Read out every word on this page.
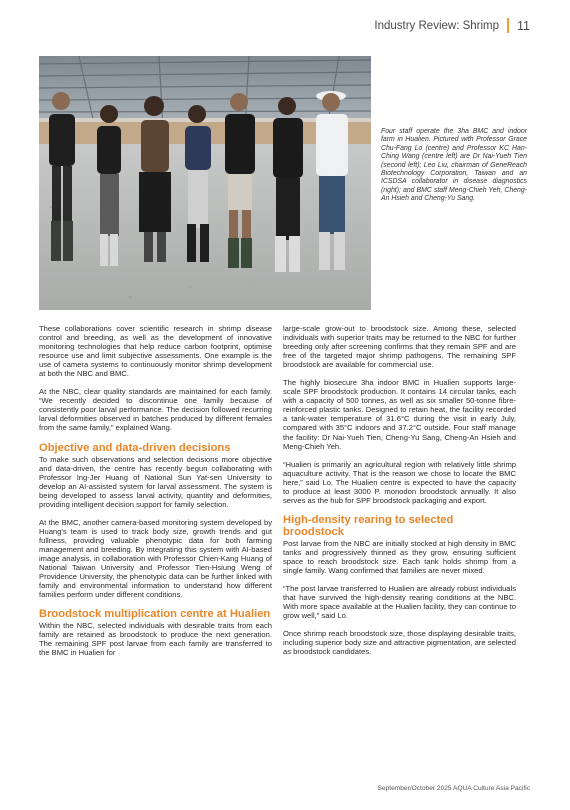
Industry Review: Shrimp 11
Four staff operate the 3ha BMC and indoor farm in Hualien. Pictured with Professor Grace Chu-Fang Lo (centre) and Professor KC Han-Ching Wang (centre left) are Dr Nai-Yueh Tien (second left); Leo Liu, chairman of GeneReach Biotechnology Corporation, Taiwan and an ICSDSA collaborator in disease diagnostics (right); and BMC staff Meng-Chieh Yeh, Cheng-An Hsieh and Cheng-Yu Sang.

These collaborations cover scientific research in shrimp disease control and breeding, as well as the development of innovative monitoring technologies that help reduce carbon footprint, optimise resource use and limit subjective assessments. One example is the use of camera systems to continuously monitor shrimp development at both the NBC and BMC.

At the NBC, clear quality standards are maintained for each family. “We recently decided to discontinue one family because of consistently poor larval performance. The decision followed recurring larval deformities observed in batches produced by different females from the same family,” explained Wang.

Objective and data-driven decisions

To make such observations and selection decisions more objective and data-driven, the centre has recently begun collaborating with Professor Ing-Jer Huang of National Sun Yat-sen University to develop an AI-assisted system for larval assessment. The system is being developed to assess larval activity, quantity and deformities, providing intelligent decision support for family selection.

At the BMC, another camera-based monitoring system developed by Huang's team is used to track body size, growth trends and gut fullness, providing valuable phenotypic data for both farming management and breeding. By integrating this system with AI-based image analysis, in collaboration with Professor Chien-Kang Huang of National Taiwan University and Professor Tien-Hsiung Weng of Providence University, the phenotypic data can be further linked with family and environmental information to understand how different families perform under different conditions.

Broodstock multiplication centre at Hualien

Within the NBC, selected individuals with desirable traits from each family are retained as broodstock to produce the next generation. The remaining SPF post larvae from each family are transferred to the BMC in Hualien for

large-scale grow-out to broodstock size. Among these, selected individuals with superior traits may be returned to the NBC for further breeding only after screening confirms that they remain SPF and are free of the targeted major shrimp pathogens. The remaining SPF broodstock are available for commercial use.

The highly biosecure 3ha indoor BMC in Hualien supports large-scale SPF broodstock production. It contains 14 circular tanks, each with a capacity of 500 tonnes, as well as six smaller 50-tonne fibre-reinforced plastic tanks. Designed to retain heat, the facility recorded a tank-water temperature of 31.6°C during the visit in early July, compared with 35°C indoors and 37.2°C outside. Four staff manage the facility: Dr Nai-Yueh Tien, Cheng-Yu Sang, Cheng-An Hsieh and Meng-Chieh Yeh.

“Hualien is primarily an agricultural region with relatively little shrimp aquaculture activity. That is the reason we chose to locate the BMC here,” said Lo. The Hualien centre is expected to have the capacity to produce at least 3000 P. monodon broodstock annually. It also serves as the hub for SPF broodstock packaging and export.

High-density rearing to selected broodstock

Post larvae from the NBC are initially stocked at high density in BMC tanks and progressively thinned as they grow, ensuring sufficient space to reach broodstock size. Each tank holds shrimp from a single family. Wang confirmed that families are never mixed.

“The post larvae transferred to Hualien are already robust individuals that have survived the high-density rearing conditions at the NBC. With more space available at the Hualien facility, they can continue to grow well,” said Lo.

Once shrimp reach broodstock size, those displaying desirable traits, including superior body size and attractive pigmentation, are selected as broodstock candidates.

September/October 2025 AQUA Culture Asia Pacific
